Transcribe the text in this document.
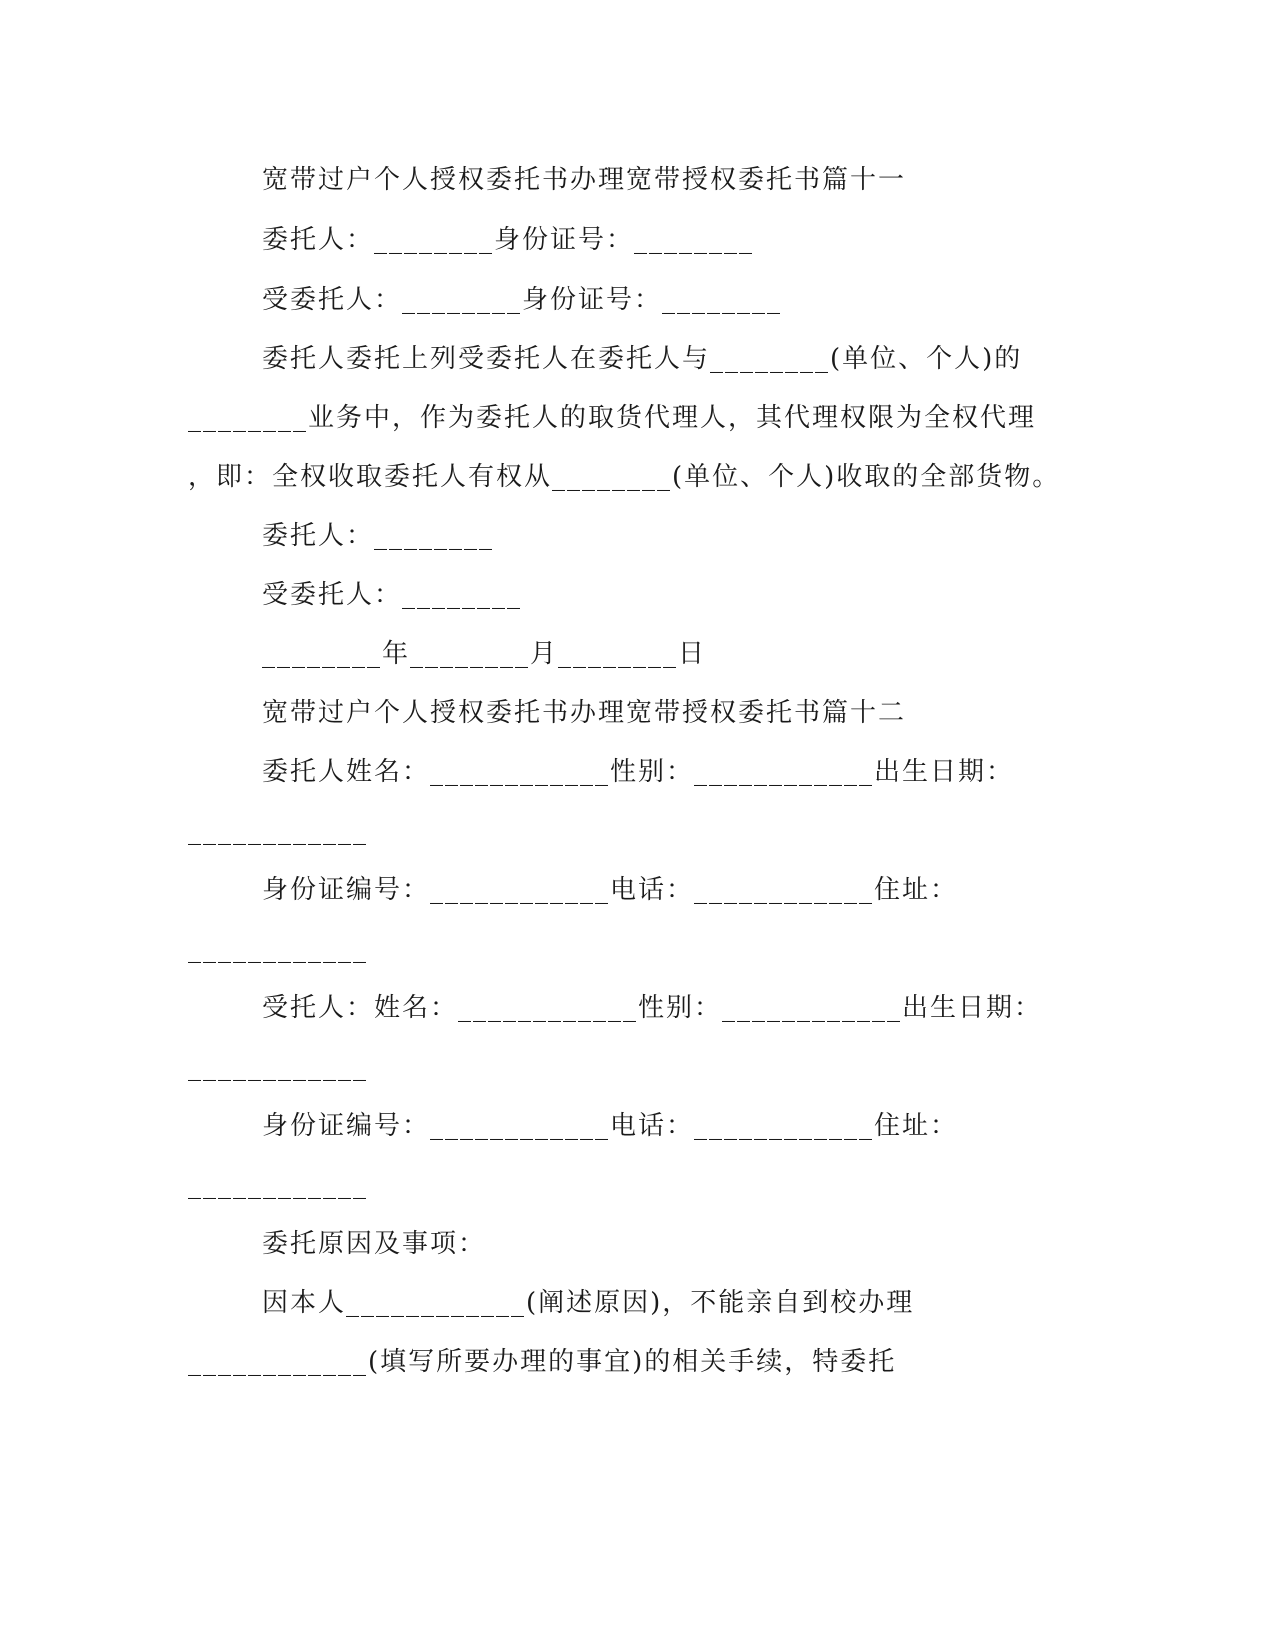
宽带过户个人授权委托书办理宽带授权委托书篇十一
委托人：________身份证号：________
受委托人：________身份证号：________
委托人委托上列受委托人在委托人与________(单位、个人)的
________业务中，作为委托人的取货代理人，其代理权限为全权代理
，即：全权收取委托人有权从________(单位、个人)收取的全部货物。
委托人：________
受委托人：________
________年________月________日
宽带过户个人授权委托书办理宽带授权委托书篇十二
委托人姓名：____________性别：____________出生日期：
____________
身份证编号：____________电话：____________住址：
____________
受托人：姓名：____________性别：____________出生日期：
____________
身份证编号：____________电话：____________住址：
____________
委托原因及事项：
因本人____________(阐述原因)，不能亲自到校办理
____________(填写所要办理的事宜)的相关手续，特委托
